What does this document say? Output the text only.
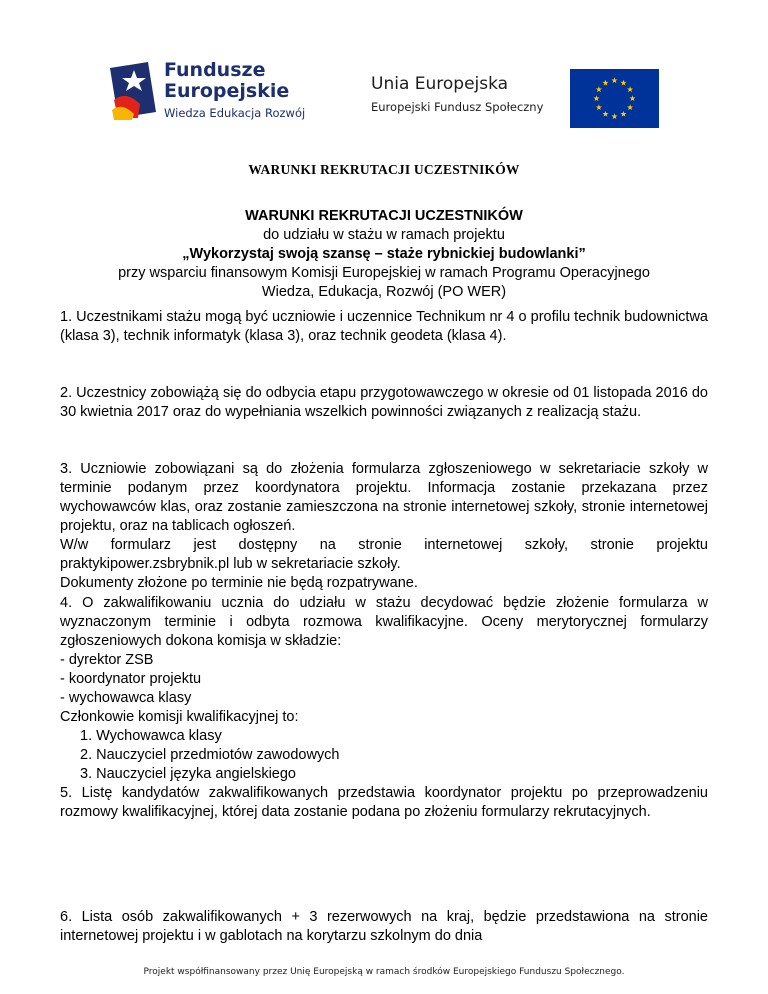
Fundusze
Europejskie
Wiedza Edukacja Rozwój
Unia Europejska
Europejski Fundusz Społeczny
WARUNKI REKRUTACJI UCZESTNIKÓW
WARUNKI REKRUTACJI UCZESTNIKÓW
do udziału w stażu w ramach projektu
„Wykorzystaj swoją szansę – staże rybnickiej budowlanki”
przy wsparciu finansowym Komisji Europejskiej w ramach Programu Operacyjnego
Wiedza, Edukacja, Rozwój (PO WER)

1. Uczestnikami stażu mogą być uczniowie i uczennice Technikum nr 4 o profilu technik budownictwa (klasa 3), technik informatyk (klasa 3), oraz technik geodeta (klasa 4).

2. Uczestnicy zobowiążą się do odbycia etapu przygotowawczego w okresie od 01 listopada 2016 do 30 kwietnia 2017 oraz do wypełniania wszelkich powinności związanych z realizacją stażu.

3. Uczniowie zobowiązani są do złożenia formularza zgłoszeniowego w sekretariacie szkoły w terminie podanym przez koordynatora projektu. Informacja zostanie przekazana przez wychowawców klas, oraz zostanie zamieszczona na stronie internetowej szkoły, stronie internetowej projektu, oraz na tablicach ogłoszeń.
W/w formularz jest dostępny na stronie internetowej szkoły, stronie projektu praktykipower.zsbrybnik.pl lub w sekretariacie szkoły.
Dokumenty złożone po terminie nie będą rozpatrywane.
4. O zakwalifikowaniu ucznia do udziału w stażu decydować będzie złożenie formularza w wyznaczonym terminie i odbyta rozmowa kwalifikacyjne. Oceny merytorycznej formularzy zgłoszeniowych dokona komisja w składzie:
- dyrektor ZSB
- koordynator projektu
- wychowawca klasy
Członkowie komisji kwalifikacyjnej to:
1. Wychowawca klasy
2. Nauczyciel przedmiotów zawodowych
3. Nauczyciel języka angielskiego

5. Listę kandydatów zakwalifikowanych przedstawia koordynator projektu po przeprowadzeniu rozmowy kwalifikacyjnej, której data zostanie podana po złożeniu formularzy rekrutacyjnych.

6. Lista osób zakwalifikowanych + 3 rezerwowych na kraj, będzie przedstawiona na stronie internetowej projektu i w gablotach na korytarzu szkolnym do dnia

Projekt współfinansowany przez Unię Europejską w ramach środków Europejskiego Funduszu Społecznego.
